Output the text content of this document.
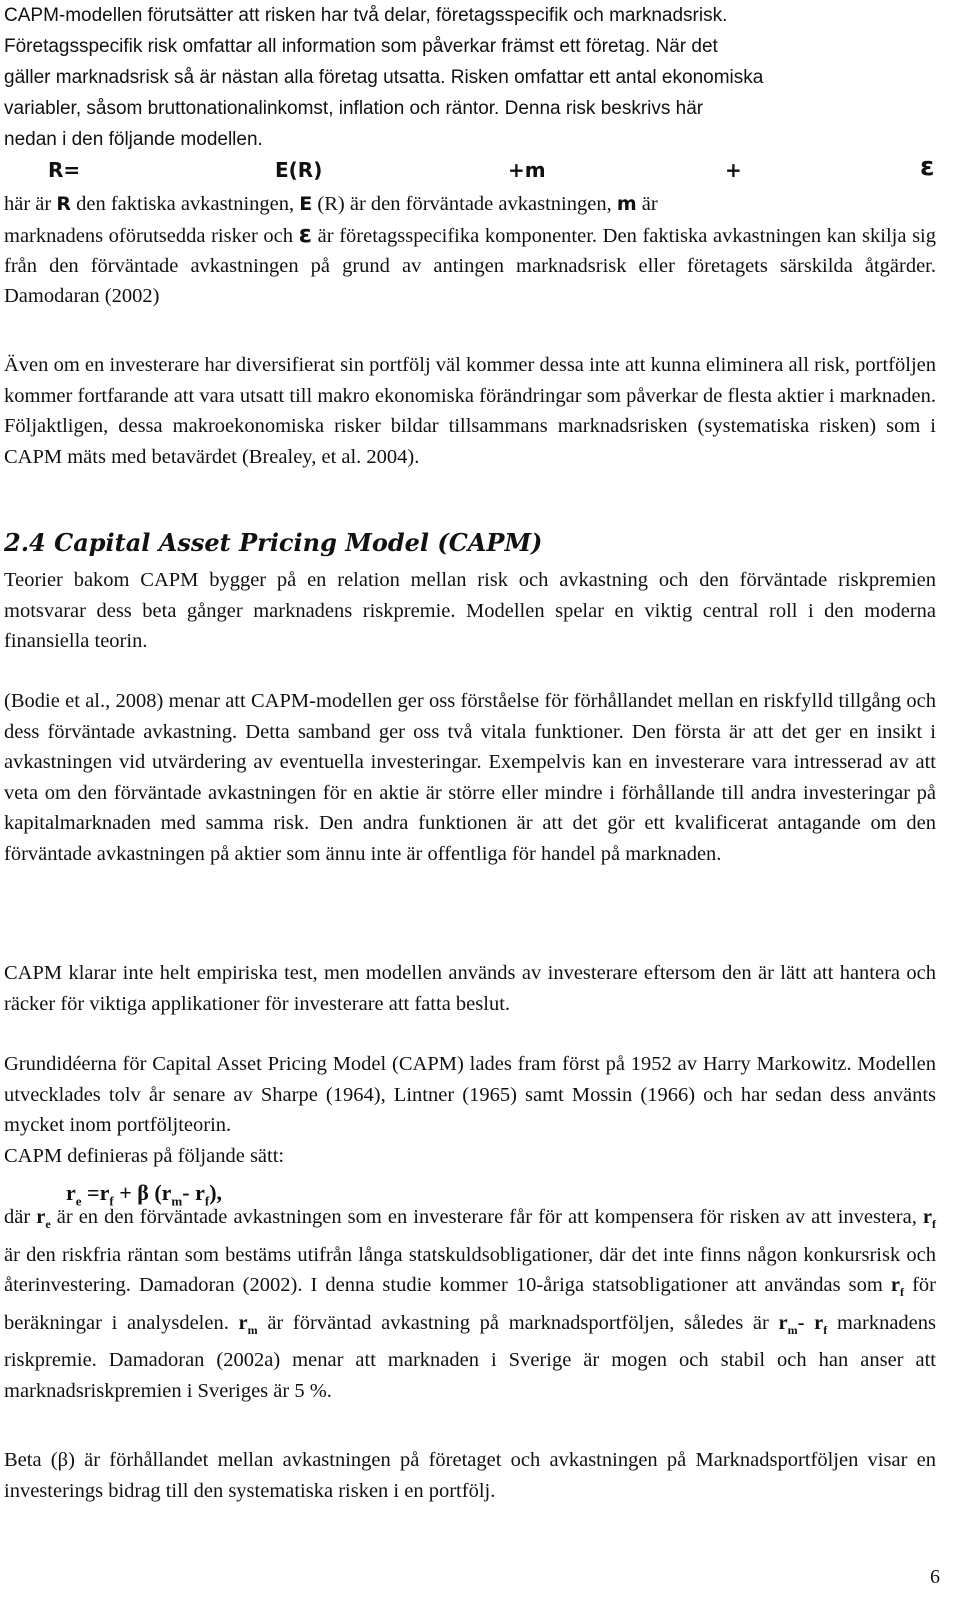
CAPM-modellen förutsätter att risken har två delar, företagsspecifik och marknadsrisk.
Företagsspecifik risk omfattar all information som påverkar främst ett företag. När det
gäller marknadsrisk så är nästan alla företag utsatta. Risken omfattar ett antal ekonomiska
variabler, såsom bruttonationalinkomst, inflation och räntor. Denna risk beskrivs här
nedan i den följande modellen.
R=	E(R)	+m	+	ε

här är R den faktiska avkastningen, E (R) är den förväntade avkastningen, m är
marknadens oförutsedda risker och ε är företagsspecifika komponenter. Den faktiska avkastningen kan skilja sig från den förväntade avkastningen på grund av antingen marknadsrisk eller företagets särskilda åtgärder. Damodaran (2002)

Även om en investerare har diversifierat sin portfölj väl kommer dessa inte att kunna eliminera all risk, portföljen kommer fortfarande att vara utsatt till makro ekonomiska förändringar som påverkar de flesta aktier i marknaden. Följaktligen, dessa makroekonomiska risker bildar tillsammans marknadsrisken (systematiska risken) som i CAPM mäts med betavärdet (Brealey, et al. 2004).

2.4 Capital Asset Pricing Model (CAPM)

Teorier bakom CAPM bygger på en relation mellan risk och avkastning och den förväntade riskpremien motsvarar dess beta gånger marknadens riskpremie. Modellen spelar en viktig central roll i den moderna finansiella teorin.

(Bodie et al., 2008) menar att CAPM-modellen ger oss förståelse för förhållandet mellan en riskfylld tillgång och dess förväntade avkastning. Detta samband ger oss två vitala funktioner. Den första är att det ger en insikt i avkastningen vid utvärdering av eventuella investeringar. Exempelvis kan en investerare vara intresserad av att veta om den förväntade avkastningen för en aktie är större eller mindre i förhållande till andra investeringar på kapitalmarknaden med samma risk. Den andra funktionen är att det gör ett kvalificerat antagande om den förväntade avkastningen på aktier som ännu inte är offentliga för handel på marknaden.

CAPM klarar inte helt empiriska test, men modellen används av investerare eftersom den är lätt att hantera och räcker för viktiga applikationer för investerare att fatta beslut.

Grundidéerna för Capital Asset Pricing Model (CAPM) lades fram först på 1952 av Harry Markowitz. Modellen utvecklades tolv år senare av Sharpe (1964), Lintner (1965) samt Mossin (1966) och har sedan dess använts mycket inom portföljteorin.

CAPM definieras på följande sätt:

$r_e =r_f + \beta$ ($r_m-$ $r_f$),

där $r_e$ är en den förväntade avkastningen som en investerare får för att kompensera för risken av att investera, $r_f$ är den riskfria räntan som bestäms utifrån långa statskuldsobligationer, där det inte finns någon konkursrisk och återinvestering. Damadoran (2002). I denna studie kommer 10-åriga statsobligationer att användas som $r_f$ för beräkningar i analysdelen. $r_m$ är förväntad avkastning på marknadsportföljen, således är $r_m-$ $r_f$ marknadens riskpremie. Damadoran (2002a) menar att marknaden i Sverige är mogen och stabil och han anser att marknadsriskpremien i Sveriges är 5 %.

Beta (β) är förhållandet mellan avkastningen på företaget och avkastningen på Marknadsportföljen visar en investerings bidrag till den systematiska risken i en portfölj.

6
